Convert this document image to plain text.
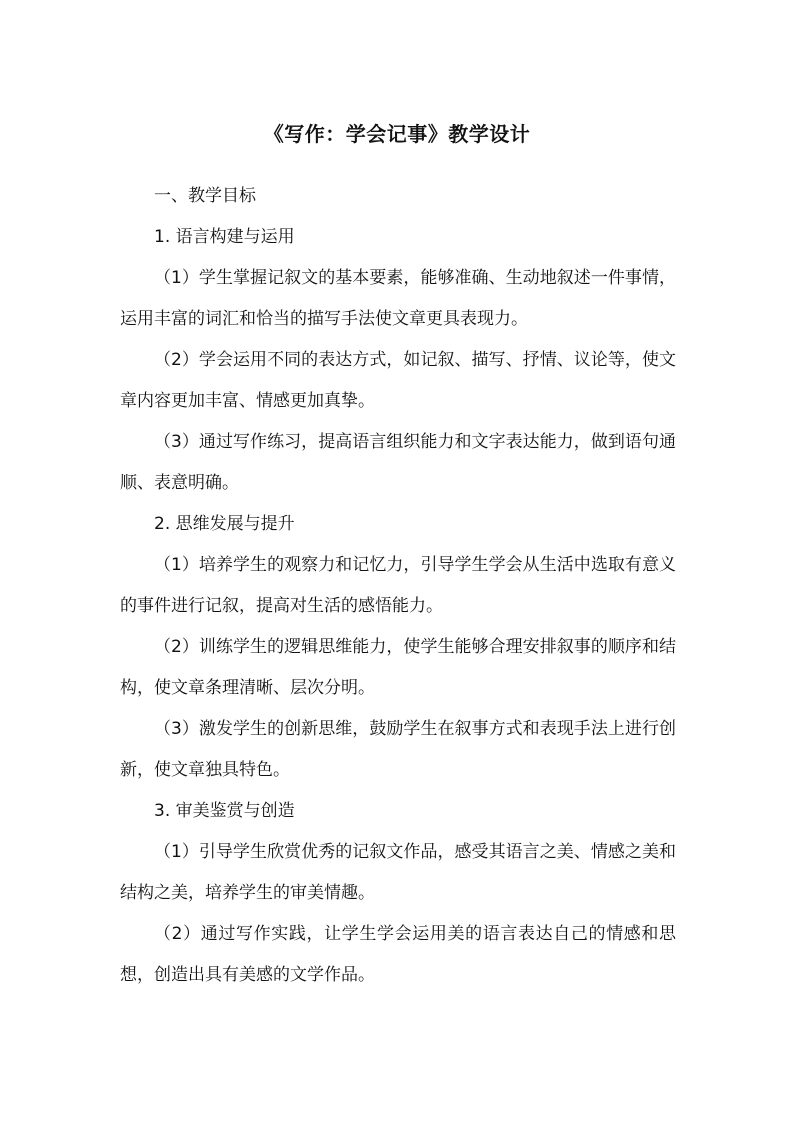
《写作：学会记事》教学设计

一、教学目标

1. 语言构建与运用

（1）学生掌握记叙文的基本要素，能够准确、生动地叙述一件事情，运用丰富的词汇和恰当的描写手法使文章更具表现力。

（2）学会运用不同的表达方式，如记叙、描写、抒情、议论等，使文章内容更加丰富、情感更加真挚。

（3）通过写作练习，提高语言组织能力和文字表达能力，做到语句通顺、表意明确。

2. 思维发展与提升

（1）培养学生的观察力和记忆力，引导学生学会从生活中选取有意义的事件进行记叙，提高对生活的感悟能力。

（2）训练学生的逻辑思维能力，使学生能够合理安排叙事的顺序和结构，使文章条理清晰、层次分明。

（3）激发学生的创新思维，鼓励学生在叙事方式和表现手法上进行创新，使文章独具特色。

3. 审美鉴赏与创造

（1）引导学生欣赏优秀的记叙文作品，感受其语言之美、情感之美和结构之美，培养学生的审美情趣。

（2）通过写作实践，让学生学会运用美的语言表达自己的情感和思想，创造出具有美感的文学作品。
